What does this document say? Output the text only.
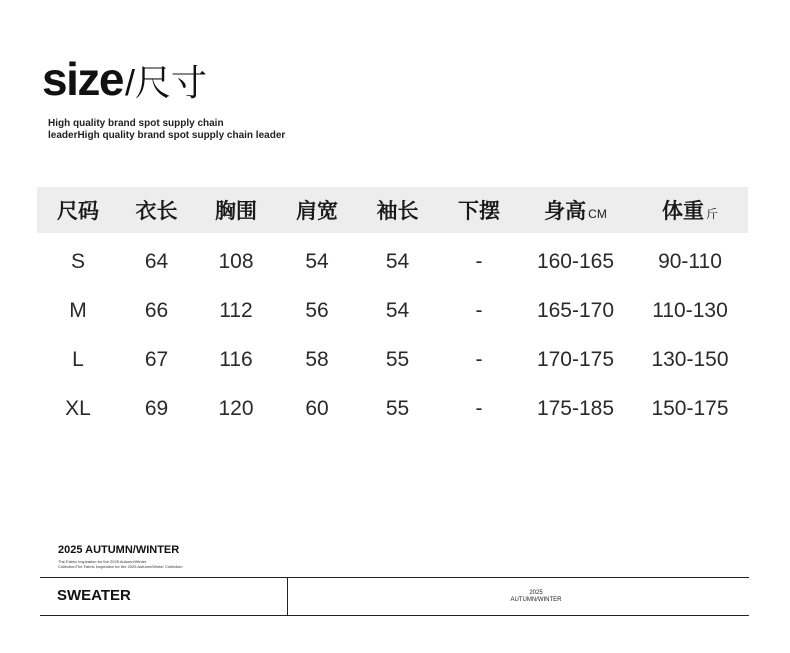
size/尺寸
High quality brand spot supply chain
leaderHigh quality brand spot supply chain leader
尺码	衣长	胸围	肩宽	袖长	下摆	身高 CM	体重 斤
S	64	108	54	54	-	160-165	90-110
M	66	112	56	54	-	165-170	110-130
L	67	116	58	55	-	170-175	130-150
XL	69	120	60	55	-	175-185	150-175
2025 AUTUMN/WINTER
The Fabric inspiration for the 2025 Autumn/Winter
CollectionThe Fabric inspiration for the 2025 Autumn/Winter Collection
SWEATER	2025
AUTUMN/WINTER
